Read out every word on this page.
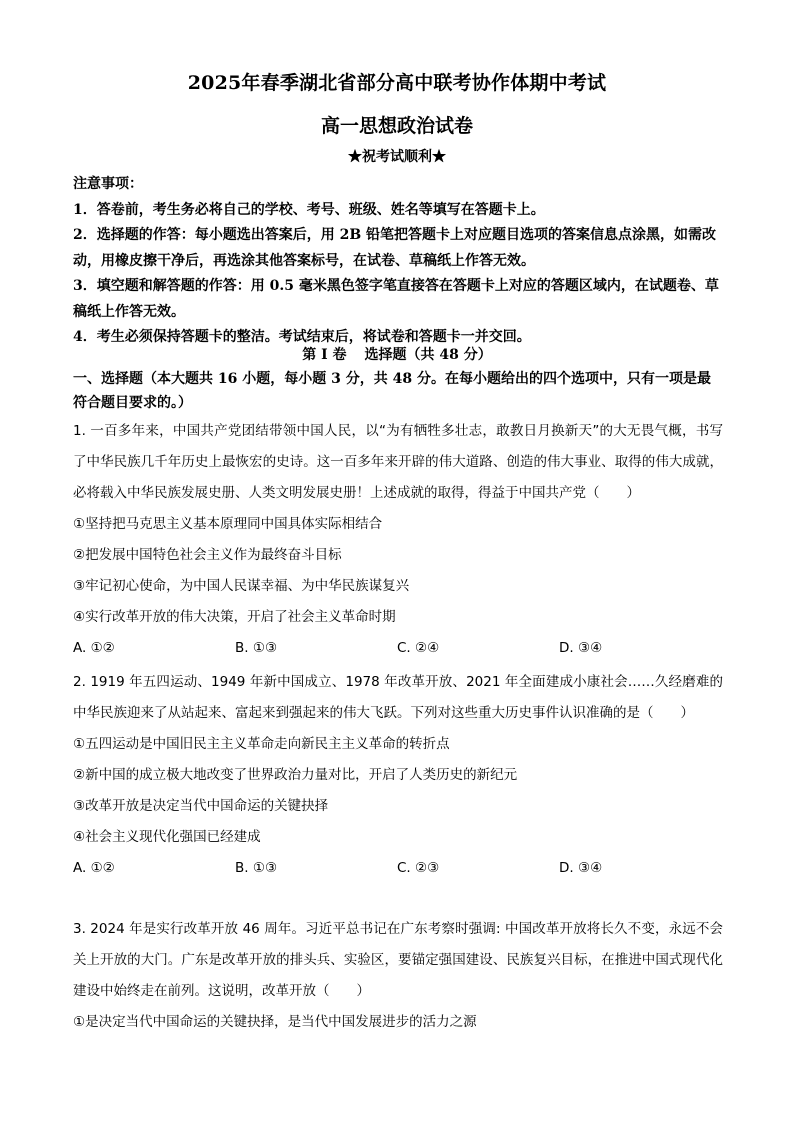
2025年春季湖北省部分高中联考协作体期中考试
高一思想政治试卷
★祝考试顺利★

注意事项：

1．答卷前，考生务必将自己的学校、考号、班级、姓名等填写在答题卡上。

2．选择题的作答：每小题选出答案后，用 2B 铅笔把答题卡上对应题目选项的答案信息点涂黑，如需改动，用橡皮擦干净后，再选涂其他答案标号，在试卷、草稿纸上作答无效。

3．填空题和解答题的作答：用 0.5 毫米黑色签字笔直接答在答题卡上对应的答题区域内，在试题卷、草稿纸上作答无效。

4．考生必须保持答题卡的整洁。考试结束后，将试卷和答题卡一并交回。

第 I 卷 选择题（共 48 分）
一、选择题（本大题共 16 小题，每小题 3 分，共 48 分。在每小题给出的四个选项中，只有一项是最符合题目要求的。）

1. 一百多年来，中国共产党团结带领中国人民，以“为有牺牲多壮志，敢教日月换新天”的大无畏气概，书写了中华民族几千年历史上最恢宏的史诗。这一百多年来开辟的伟大道路、创造的伟大事业、取得的伟大成就，必将载入中华民族发展史册、人类文明发展史册！上述成就的取得，得益于中国共产党（　　）

①坚持把马克思主义基本原理同中国具体实际相结合

②把发展中国特色社会主义作为最终奋斗目标

③牢记初心使命，为中国人民谋幸福、为中华民族谋复兴

④实行改革开放的伟大决策，开启了社会主义革命时期

A. ①②	B. ①③	C. ②④	D. ③④

2. 1919 年五四运动、1949 年新中国成立、1978 年改革开放、2021 年全面建成小康社会……久经磨难的中华民族迎来了从站起来、富起来到强起来的伟大飞跃。下列对这些重大历史事件认识准确的是（　　）

①五四运动是中国旧民主主义革命走向新民主主义革命的转折点

②新中国的成立极大地改变了世界政治力量对比，开启了人类历史的新纪元

③改革开放是决定当代中国命运的关键抉择

④社会主义现代化强国已经建成

A. ①②	B. ①③	C. ②③	D. ③④

3. 2024 年是实行改革开放 46 周年。习近平总书记在广东考察时强调: 中国改革开放将长久不变，永远不会关上开放的大门。广东是改革开放的排头兵、实验区，要锚定强国建设、民族复兴目标，在推进中国式现代化建设中始终走在前列。这说明，改革开放（　　）

①是决定当代中国命运的关键抉择，是当代中国发展进步的活力之源
